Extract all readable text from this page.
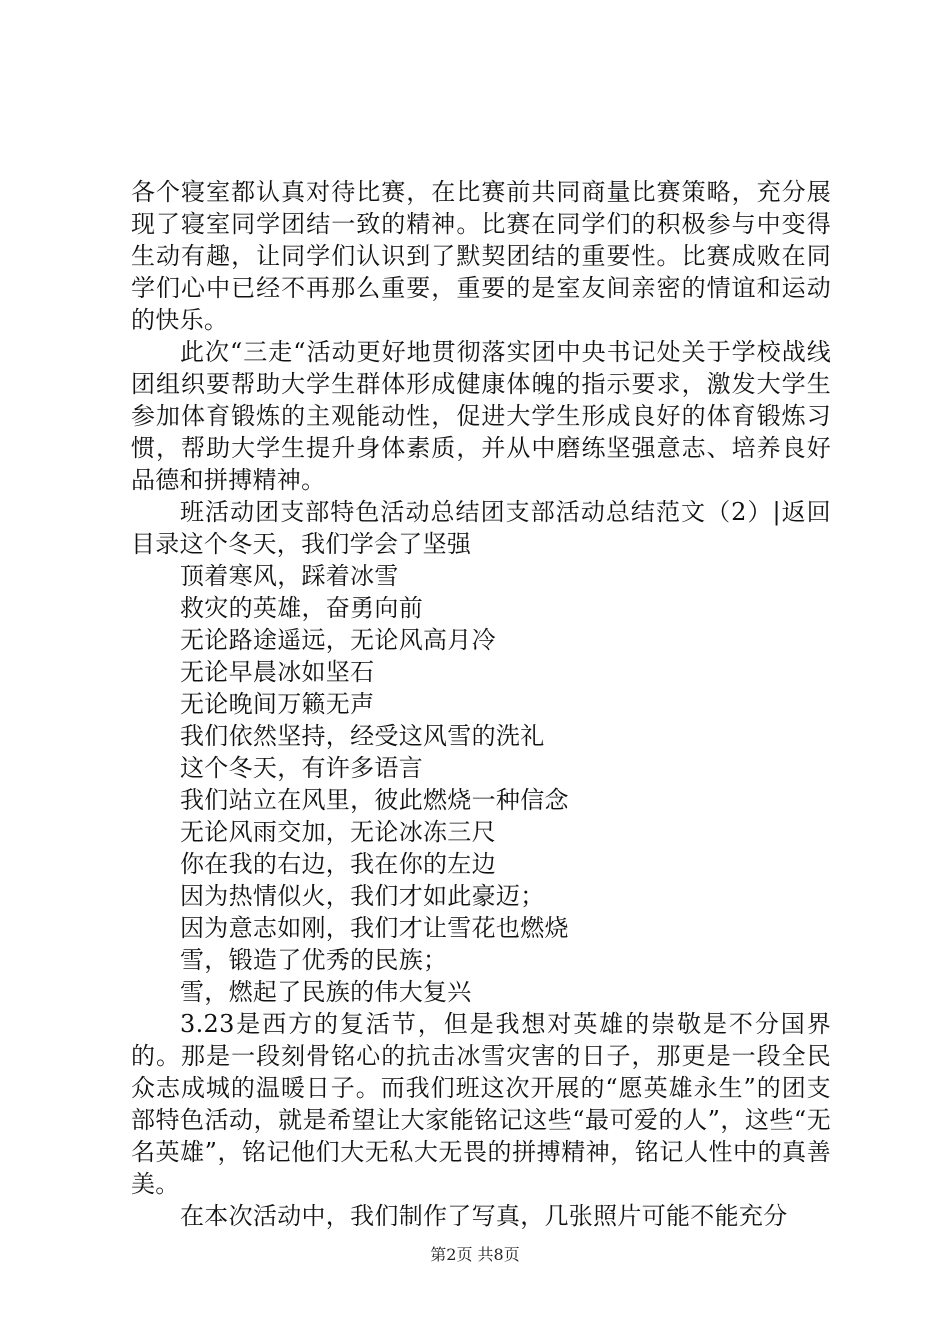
各个寝室都认真对待比赛，在比赛前共同商量比赛策略，充分展现了寝室同学团结一致的精神。比赛在同学们的积极参与中变得生动有趣，让同学们认识到了默契团结的重要性。比赛成败在同学们心中已经不再那么重要，重要的是室友间亲密的情谊和运动的快乐。

此次“三走“活动更好地贯彻落实团中央书记处关于学校战线团组织要帮助大学生群体形成健康体魄的指示要求，激发大学生参加体育锻炼的主观能动性，促进大学生形成良好的体育锻炼习惯，帮助大学生提升身体素质，并从中磨练坚强意志、培养良好品德和拼搏精神。

班活动团支部特色活动总结团支部活动总结范文（2）|返回目录这个冬天，我们学会了坚强

顶着寒风，踩着冰雪

救灾的英雄，奋勇向前

无论路途遥远，无论风高月冷

无论早晨冰如坚石

无论晚间万籁无声

我们依然坚持，经受这风雪的洗礼

这个冬天，有许多语言

我们站立在风里，彼此燃烧一种信念

无论风雨交加，无论冰冻三尺

你在我的右边，我在你的左边

因为热情似火，我们才如此豪迈；

因为意志如刚，我们才让雪花也燃烧

雪，锻造了优秀的民族；

雪，燃起了民族的伟大复兴

3.23是西方的复活节，但是我想对英雄的崇敬是不分国界的。那是一段刻骨铭心的抗击冰雪灾害的日子，那更是一段全民众志成城的温暖日子。而我们班这次开展的“愿英雄永生”的团支部特色活动，就是希望让大家能铭记这些“最可爱的人”，这些“无名英雄”，铭记他们大无私大无畏的拼搏精神，铭记人性中的真善美。

在本次活动中，我们制作了写真，几张照片可能不能充分

第2页 共8页
